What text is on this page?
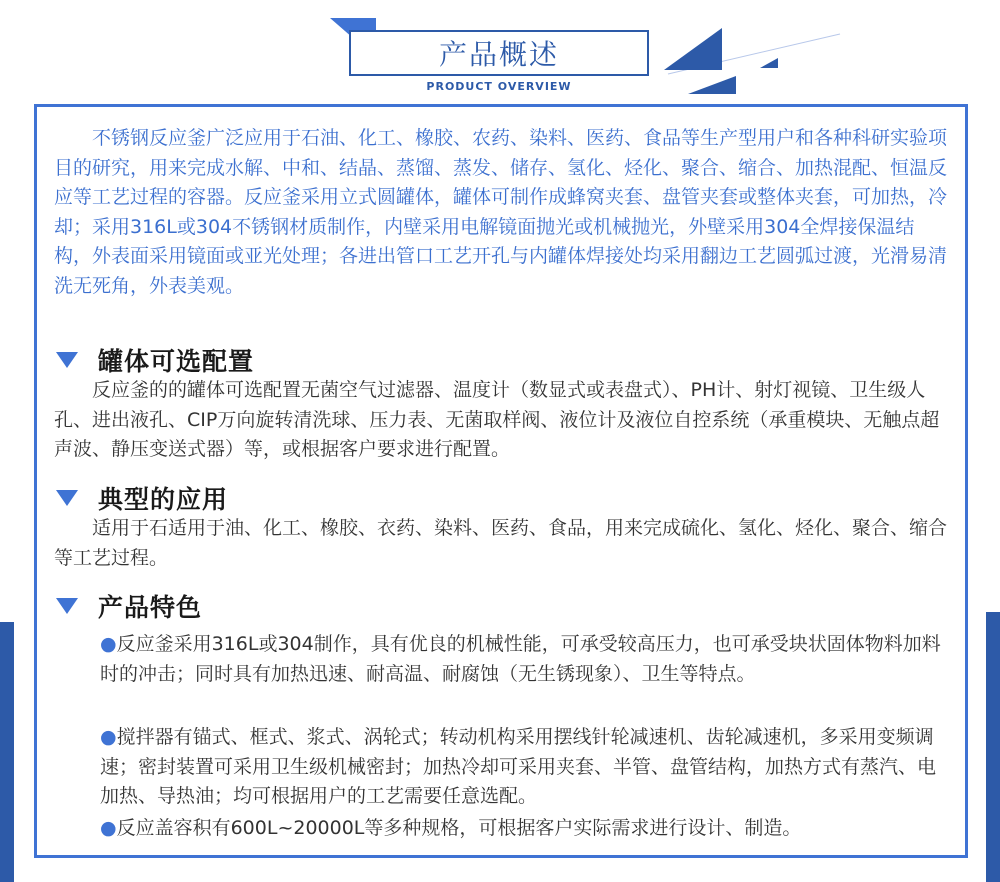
产品概述
PRODUCT OVERVIEW

　　不锈钢反应釜广泛应用于石油、化工、橡胶、农药、染料、医药、食品等生产型用户和各种科研实验项目的研究，用来完成水解、中和、结晶、蒸馏、蒸发、储存、氢化、烃化、聚合、缩合、加热混配、恒温反应等工艺过程的容器。反应釜采用立式圆罐体，罐体可制作成蜂窝夹套、盘管夹套或整体夹套，可加热，冷却；采用316L或304不锈钢材质制作，内壁采用电解镜面抛光或机械抛光，外壁采用304全焊接保温结构，外表面采用镜面或亚光处理；各进出管口工艺开孔与内罐体焊接处均采用翻边工艺圆弧过渡，光滑易清洗无死角，外表美观。

罐体可选配置

　　反应釜的的罐体可选配置无菌空气过滤器、温度计（数显式或表盘式）、PH计、射灯视镜、卫生级人孔、进出液孔、CIP万向旋转清洗球、压力表、无菌取样阀、液位计及液位自控系统（承重模块、无触点超声波、静压变送式器）等，或根据客户要求进行配置。

典型的应用

　　适用于石适用于油、化工、橡胶、衣药、染料、医药、食品，用来完成硫化、氢化、烃化、聚合、缩合等工艺过程。

产品特色

●反应釜采用316L或304制作，具有优良的机械性能，可承受较高压力，也可承受块状固体物料加料时的冲击；同时具有加热迅速、耐高温、耐腐蚀（无生锈现象）、卫生等特点。

●搅拌器有锚式、框式、浆式、涡轮式；转动机构采用摆线针轮减速机、齿轮减速机，多采用变频调速；密封装置可采用卫生级机械密封；加热冷却可采用夹套、半管、盘管结构，加热方式有蒸汽、电加热、导热油；均可根据用户的工艺需要任意选配。

●反应盖容积有600L~20000L等多种规格，可根据客户实际需求进行设计、制造。
